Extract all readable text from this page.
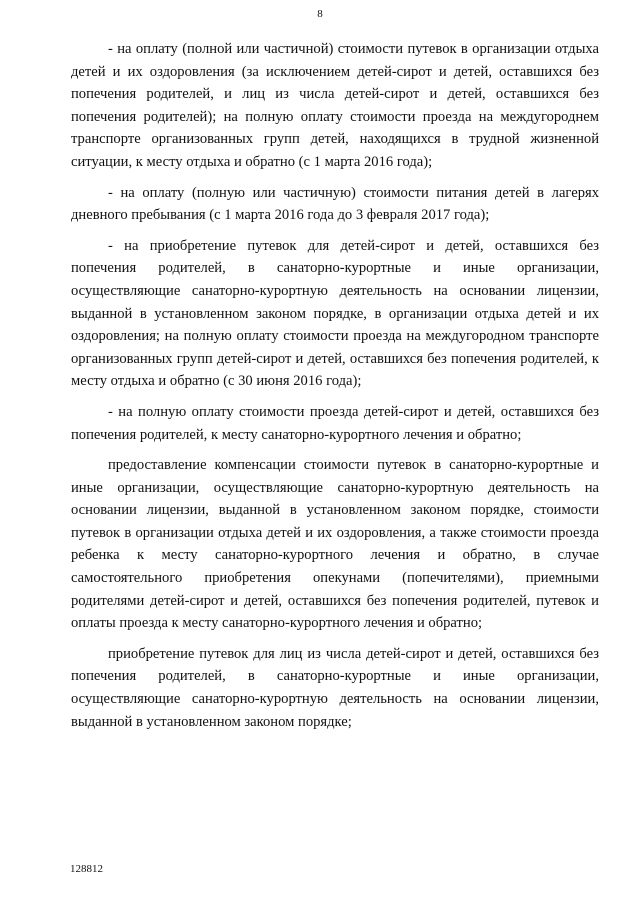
8

- на оплату (полной или частичной) стоимости путевок в организации отдыха детей и их оздоровления (за исключением детей-сирот и детей, оставшихся без попечения родителей, и лиц из числа детей-сирот и детей, оставшихся без попечения родителей); на полную оплату стоимости проезда на междугороднем транспорте организованных групп детей, находящихся в трудной жизненной ситуации, к месту отдыха и обратно (с 1 марта 2016 года);

- на оплату (полную или частичную) стоимости питания детей в лагерях дневного пребывания (с 1 марта 2016 года до 3 февраля 2017 года);

- на приобретение путевок для детей-сирот и детей, оставшихся без попечения родителей, в санаторно-курортные и иные организации, осуществляющие санаторно-курортную деятельность на основании лицензии, выданной в установленном законом порядке, в организации отдыха детей и их оздоровления; на полную оплату стоимости проезда на междугородном транспорте организованных групп детей-сирот и детей, оставшихся без попечения родителей, к месту отдыха и обратно (с 30 июня 2016 года);

- на полную оплату стоимости проезда детей-сирот и детей, оставшихся без попечения родителей, к месту санаторно-курортного лечения и обратно;

предоставление компенсации стоимости путевок в санаторно-курортные и иные организации, осуществляющие санаторно-курортную деятельность на основании лицензии, выданной в установленном законом порядке, стоимости путевок в организации отдыха детей и их оздоровления, а также стоимости проезда ребенка к месту санаторно-курортного лечения и обратно, в случае самостоятельного приобретения опекунами (попечителями), приемными родителями детей-сирот и детей, оставшихся без попечения родителей, путевок и оплаты проезда к месту санаторно-курортного лечения и обратно;

приобретение путевок для лиц из числа детей-сирот и детей, оставшихся без попечения родителей, в санаторно-курортные и иные организации, осуществляющие санаторно-курортную деятельность на основании лицензии, выданной в установленном законом порядке;

128812
